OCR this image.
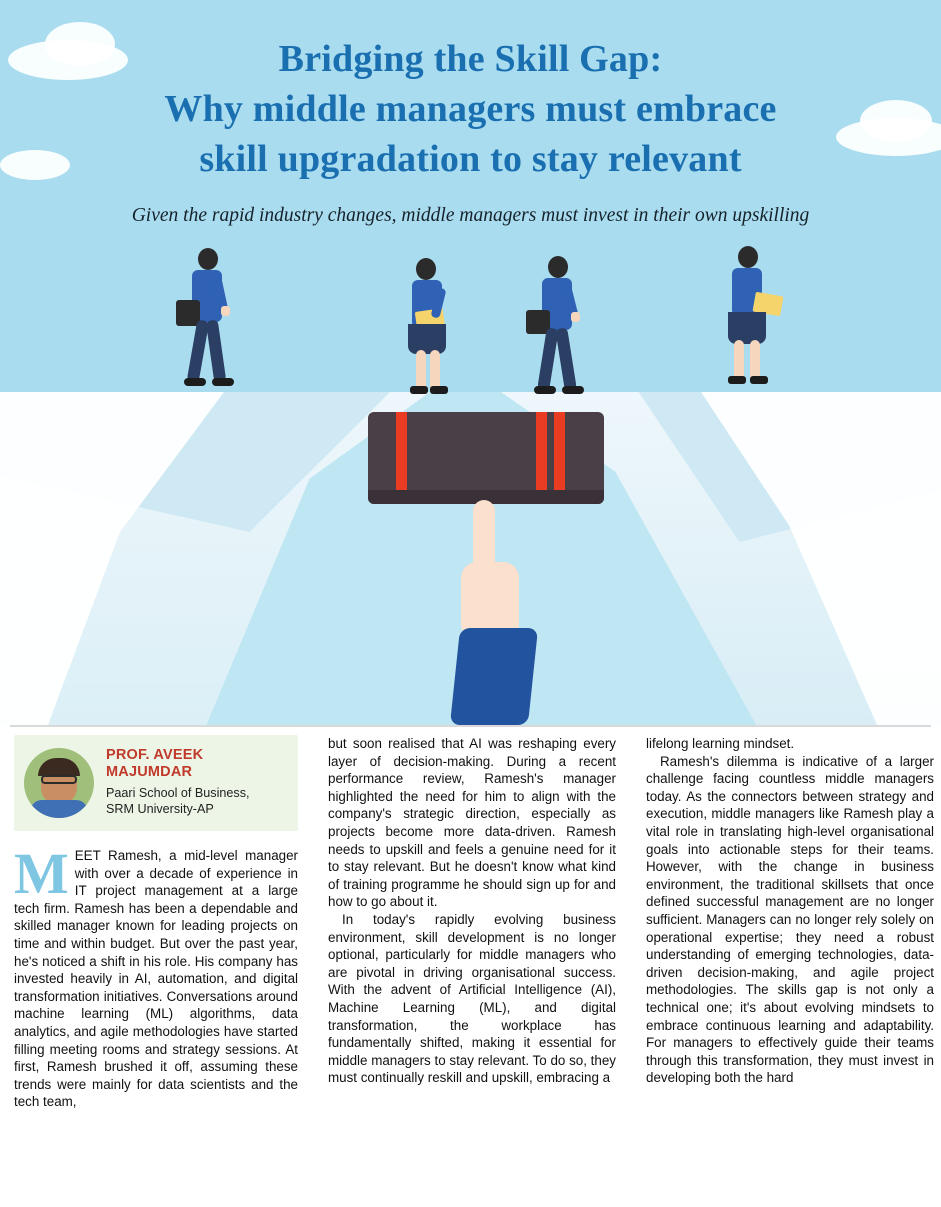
Bridging the Skill Gap:
Why middle managers must embrace
skill upgradation to stay relevant
Given the rapid industry changes, middle managers must invest in their own upskilling
PROF. AVEEK MAJUMDAR
Paari School of Business,
SRM University-AP
M EET Ramesh, a mid-level manager with over a decade of experience in IT project management at a large tech firm. Ramesh has been a dependable and skilled manager known for leading projects on time and within budget. But over the past year, he's noticed a shift in his role. His company has invested heavily in AI, automation, and digital transformation initiatives. Conversations around machine learning (ML) algorithms, data analytics, and agile methodologies have started filling meeting rooms and strategy sessions. At first, Ramesh brushed it off, assuming these trends were mainly for data scientists and the tech team,

but soon realised that AI was reshaping every layer of decision-making. During a recent performance review, Ramesh's manager highlighted the need for him to align with the company's strategic direction, especially as projects become more data-driven. Ramesh needs to upskill and feels a genuine need for it to stay relevant. But he doesn't know what kind of training programme he should sign up for and how to go about it.

In today's rapidly evolving business environment, skill development is no longer optional, particularly for middle managers who are pivotal in driving organisational success. With the advent of Artificial Intelligence (AI), Machine Learning (ML), and digital transformation, the workplace has fundamentally shifted, making it essential for middle managers to stay relevant. To do so, they must continually reskill and upskill, embracing a

lifelong learning mindset.

Ramesh's dilemma is indicative of a larger challenge facing countless middle managers today. As the connectors between strategy and execution, middle managers like Ramesh play a vital role in translating high-level organisational goals into actionable steps for their teams. However, with the change in business environment, the traditional skillsets that once defined successful management are no longer sufficient. Managers can no longer rely solely on operational expertise; they need a robust understanding of emerging technologies, data-driven decision-making, and agile project methodologies. The skills gap is not only a technical one; it's about evolving mindsets to embrace continuous learning and adaptability. For managers to effectively guide their teams through this transformation, they must invest in developing both the hard
